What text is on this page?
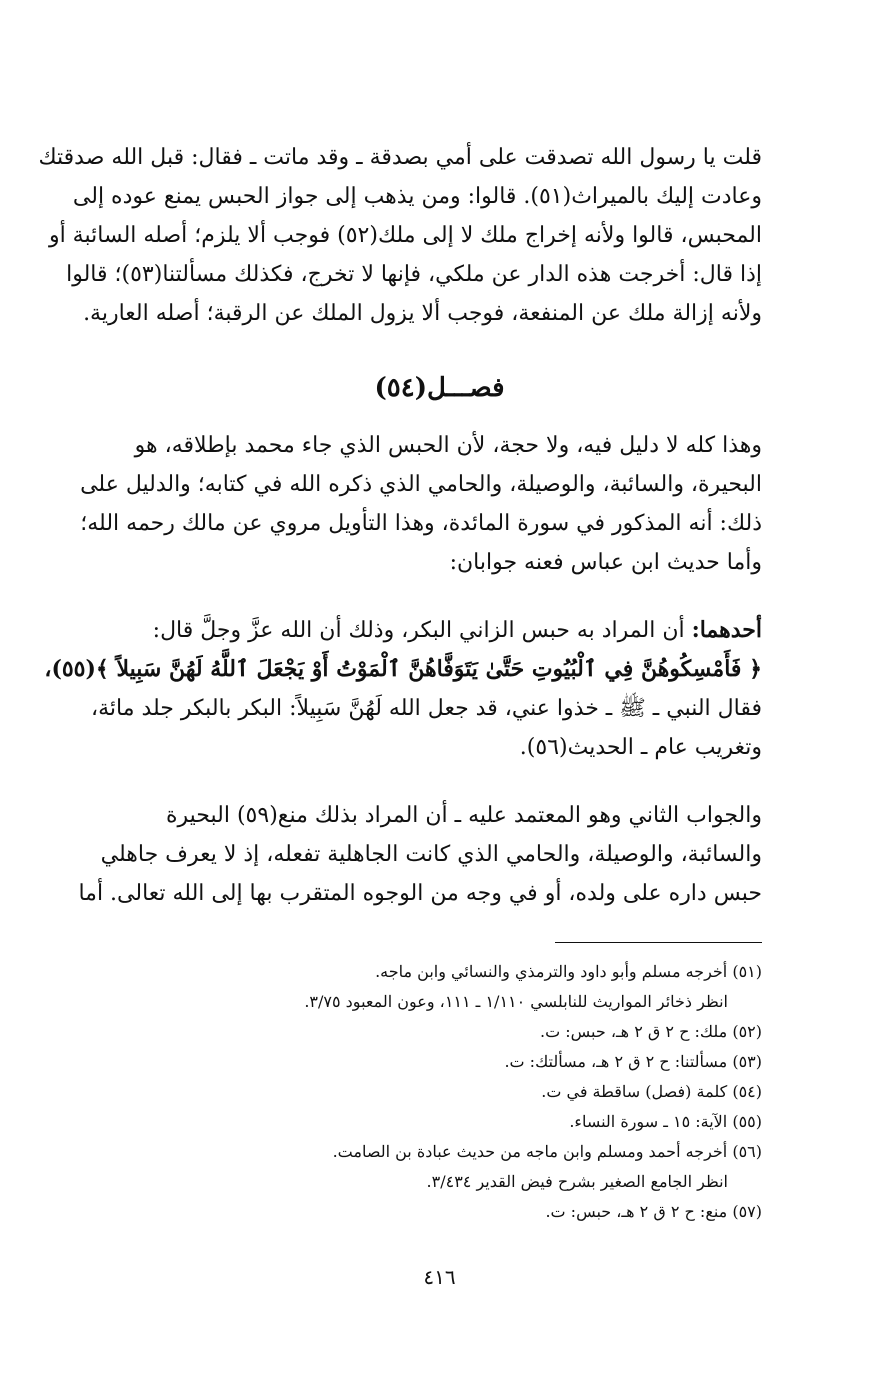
قلت يا رسول الله تصدقت على أمي بصدقة ـ وقد ماتت ـ فقال: قبل الله صدقتك

وعادت إليك بالميراث(٥١). قالوا: ومن يذهب إلى جواز الحبس يمنع عوده إلى

المحبس، قالوا ولأنه إخراج ملك لا إلى ملك(٥٢) فوجب ألا يلزم؛ أصله السائبة أو

إذا قال: أخرجت هذه الدار عن ملكي، فإنها لا تخرج، فكذلك مسألتنا(٥٣)؛ قالوا

ولأنه إزالة ملك عن المنفعة، فوجب ألا يزول الملك عن الرقبة؛ أصله العارية.

فصـــل(٥٤)

وهذا كله لا دليل فيه، ولا حجة، لأن الحبس الذي جاء محمد بإطلاقه، هو

البحيرة، والسائبة، والوصيلة، والحامي الذي ذكره الله في كتابه؛ والدليل على

ذلك: أنه المذكور في سورة المائدة، وهذا التأويل مروي عن مالك رحمه الله؛

وأما حديث ابن عباس فعنه جوابان:

أحدهما: أن المراد به حبس الزاني البكر، وذلك أن الله عزَّ وجلَّ قال:

﴿ فَأَمْسِكُوهُنَّ فِي ٱلْبُيُوتِ حَتَّىٰ يَتَوَفَّاهُنَّ ٱلْمَوْتُ أَوْ يَجْعَلَ ٱللَّهُ لَهُنَّ سَبِيلاً ﴾(٥٥)،

فقال النبي ـ ﷺ ـ خذوا عني، قد جعل الله لَهُنَّ سَبِيلاً: البكر بالبكر جلد مائة،

وتغريب عام ـ الحديث(٥٦).

والجواب الثاني وهو المعتمد عليه ـ أن المراد بذلك منع(٥٩) البحيرة

والسائبة، والوصيلة، والحامي الذي كانت الجاهلية تفعله، إذ لا يعرف جاهلي

حبس داره على ولده، أو في وجه من الوجوه المتقرب بها إلى الله تعالى. أما

(٥١) أخرجه مسلم وأبو داود والترمذي والنسائي وابن ماجه.
انظر ذخائر المواريث للنابلسي ١/١١٠ ـ ١١١، وعون المعبود ٣/٧٥.
(٥٢) ملك: ح ٢ ق ٢ هـ، حبس: ت.
(٥٣) مسألتنا: ح ٢ ق ٢ هـ، مسألتك: ت.
(٥٤) كلمة (فصل) ساقطة في ت.
(٥٥) الآية: ١٥ ـ سورة النساء.
(٥٦) أخرجه أحمد ومسلم وابن ماجه من حديث عبادة بن الصامت.
انظر الجامع الصغير بشرح فيض القدير ٣/٤٣٤.
(٥٧) منع: ح ٢ ق ٢ هـ، حبس: ت.
٤١٦
